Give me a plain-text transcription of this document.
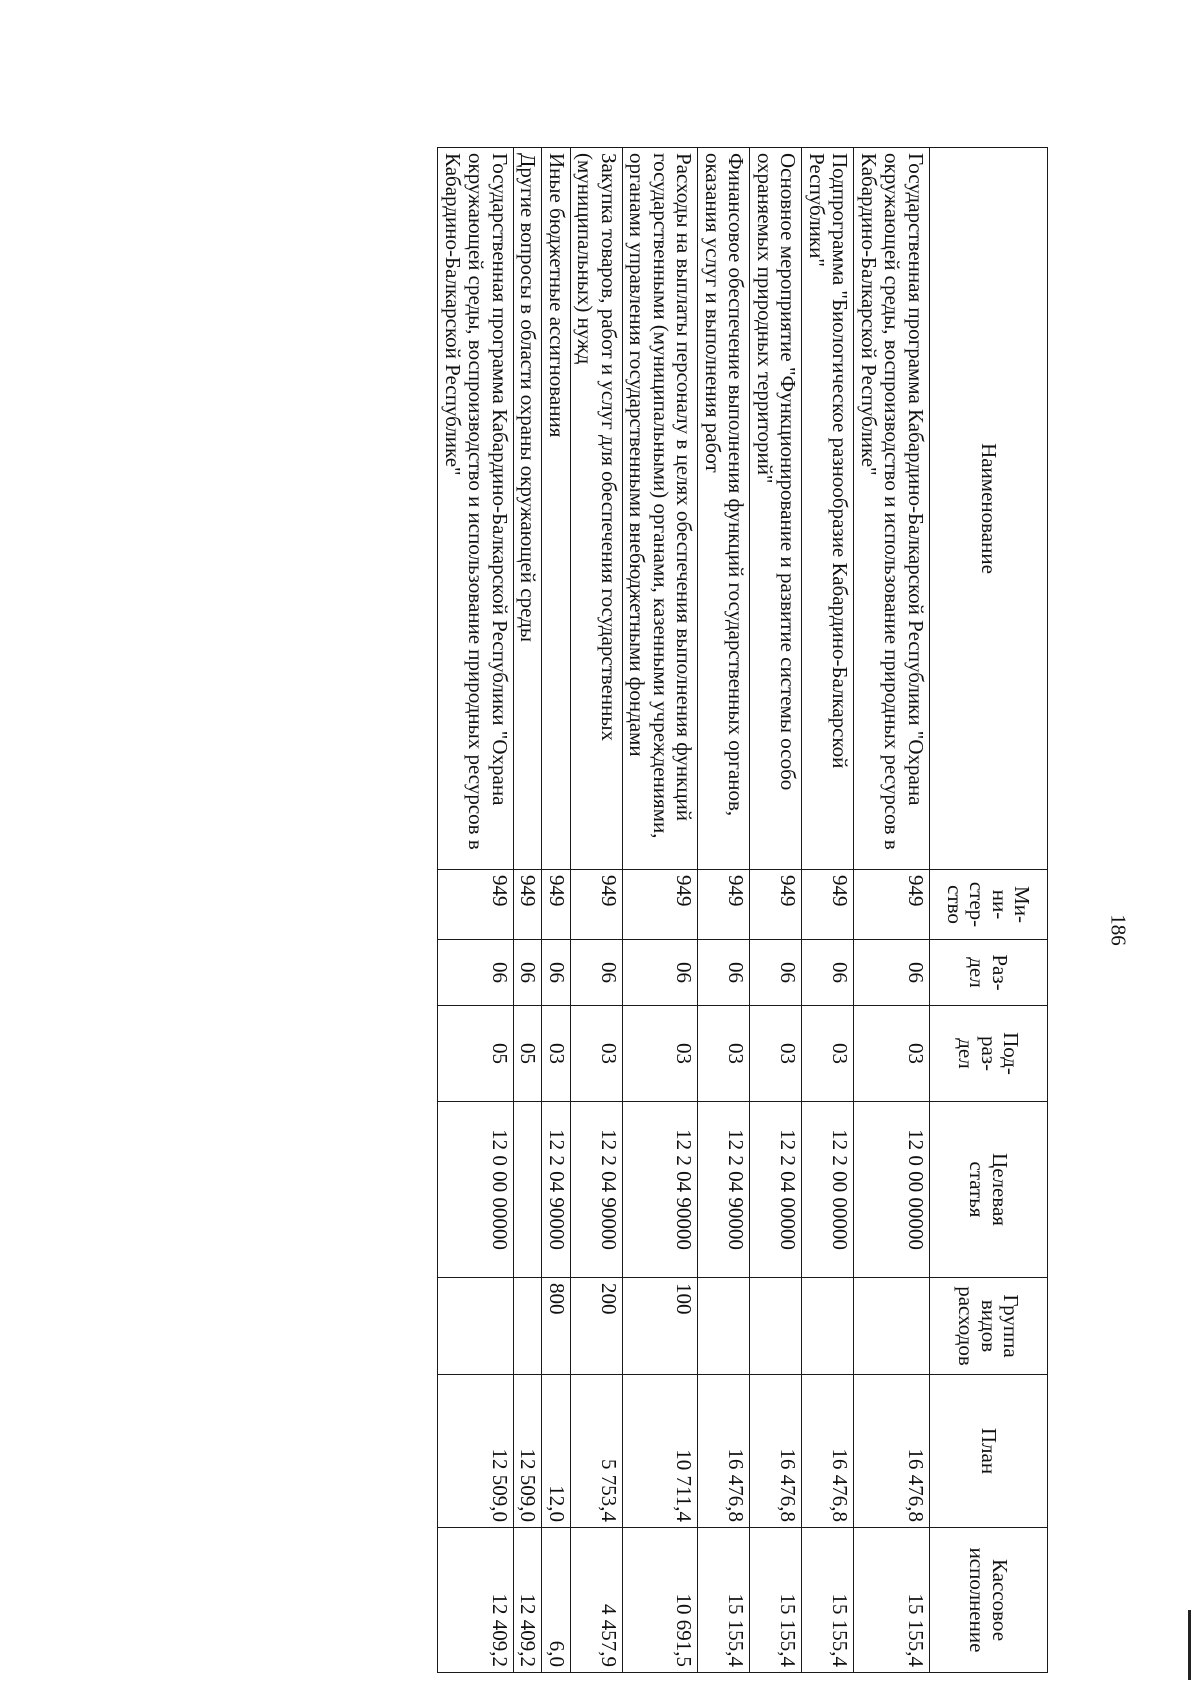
186
Наименование	Ми-
ни-
стер-
ство	Раз-
дел	Под-
раз-
дел	Целевая
статья	Группа
видов
расходов	План	Кассовое
исполнение
Государственная программа Кабардино-Балкарской Республики "Охрана окружающей среды, воспроизводство и использование природных ресурсов в Кабардино-Балкарской Республике"	949	06	03	12 0 00 00000		16 476,8	15 155,4
Подпрограмма "Биологическое разнообразие Кабардино-Балкарской Республики"	949	06	03	12 2 00 00000		16 476,8	15 155,4
Основное мероприятие "Функционирование и развитие системы особо охраняемых природных территорий"	949	06	03	12 2 04 00000		16 476,8	15 155,4
Финансовое обеспечение выполнения функций государственных органов, оказания услуг и выполнения работ	949	06	03	12 2 04 90000		16 476,8	15 155,4
Расходы на выплаты персоналу в целях обеспечения выполнения функций государственными (муниципальными) органами, казенными учреждениями, органами управления государственными внебюджетными фондами	949	06	03	12 2 04 90000	100	10 711,4	10 691,5
Закупка товаров, работ и услуг для обеспечения государственных (муниципальных) нужд	949	06	03	12 2 04 90000	200	5 753,4	4 457,9
Иные бюджетные ассигнования	949	06	03	12 2 04 90000	800	12,0	6,0
Другие вопросы в области охраны окружающей среды	949	06	05			12 509,0	12 409,2
Государственная программа Кабардино-Балкарской Республики "Охрана окружающей среды, воспроизводство и использование природных ресурсов в Кабардино-Балкарской Республике"	949	06	05	12 0 00 00000		12 509,0	12 409,2
